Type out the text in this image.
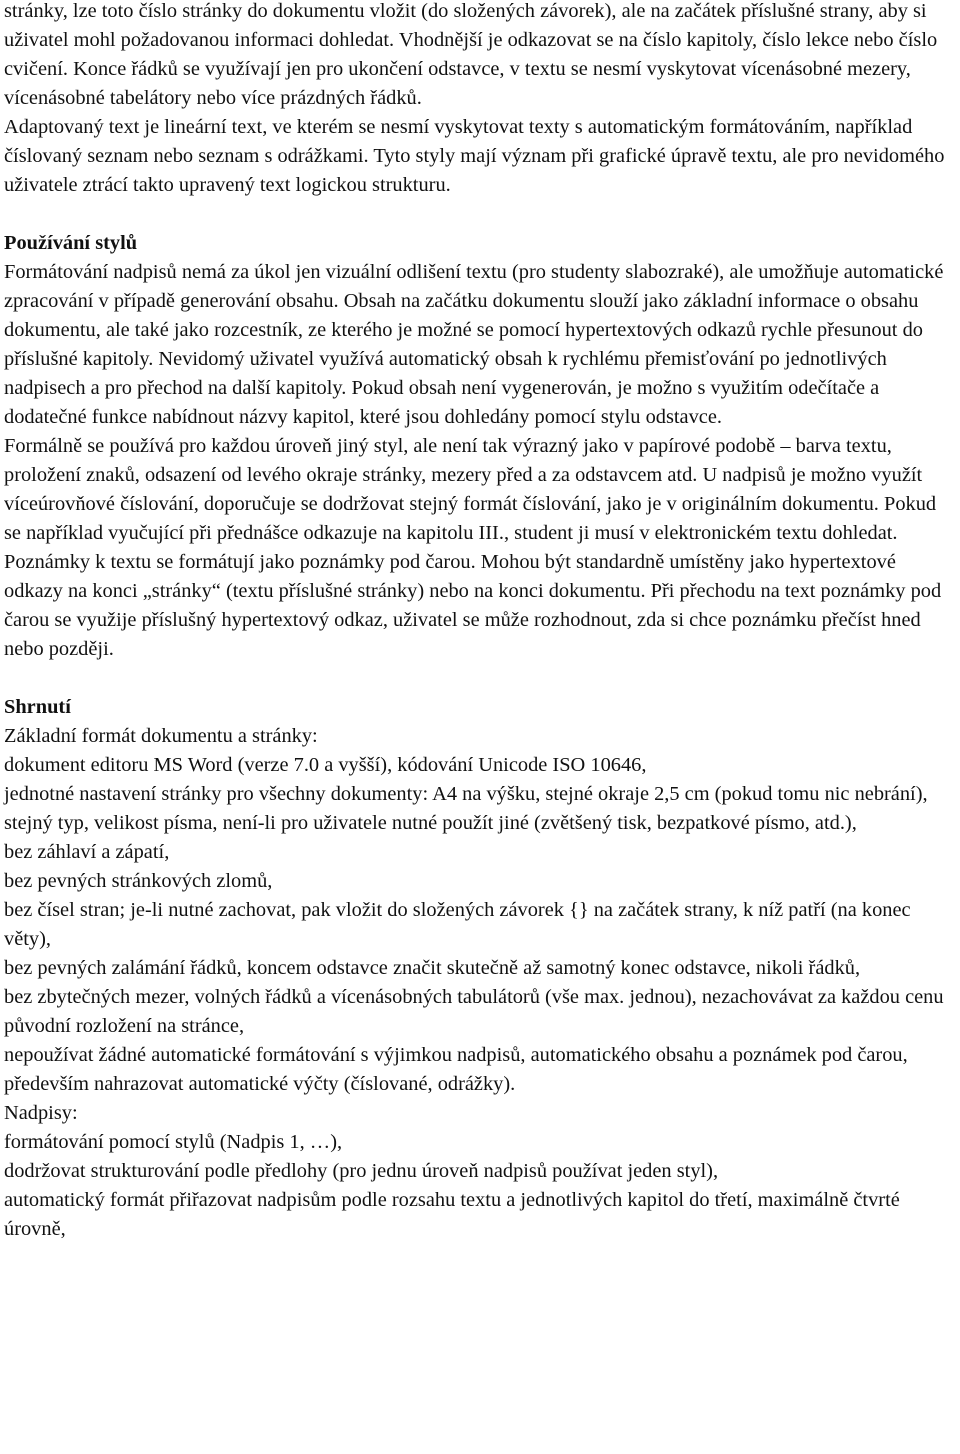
stránky, lze toto číslo stránky do dokumentu vložit (do složených závorek), ale na začátek příslušné strany, aby si uživatel mohl požadovanou informaci dohledat. Vhodnější je odkazovat se na číslo kapitoly, číslo lekce nebo číslo cvičení. Konce řádků se využívají jen pro ukončení odstavce, v textu se nesmí vyskytovat vícenásobné mezery, vícenásobné tabelátory nebo více prázdných řádků.

Adaptovaný text je lineární text, ve kterém se nesmí vyskytovat texty s automatickým formátováním, například číslovaný seznam nebo seznam s odrážkami. Tyto styly mají význam při grafické úpravě textu, ale pro nevidomého uživatele ztrácí takto upravený text logickou strukturu.

Používání stylů

Formátování nadpisů nemá za úkol jen vizuální odlišení textu (pro studenty slabozraké), ale umožňuje automatické zpracování v případě generování obsahu. Obsah na začátku dokumentu slouží jako základní informace o obsahu dokumentu, ale také jako rozcestník, ze kterého je možné se pomocí hypertextových odkazů rychle přesunout do příslušné kapitoly. Nevidomý uživatel využívá automatický obsah k rychlému přemisťování po jednotlivých nadpisech a pro přechod na další kapitoly. Pokud obsah není vygenerován, je možno s využitím odečítače a dodatečné funkce nabídnout názvy kapitol, které jsou dohledány pomocí stylu odstavce.

Formálně se používá pro každou úroveň jiný styl, ale není tak výrazný jako v papírové podobě – barva textu, proložení znaků, odsazení od levého okraje stránky, mezery před a za odstavcem atd. U nadpisů je možno využít víceúrovňové číslování, doporučuje se dodržovat stejný formát číslování, jako je v originálním dokumentu. Pokud se například vyučující při přednášce odkazuje na kapitolu III., student ji musí v elektronickém textu dohledat.

Poznámky k textu se formátují jako poznámky pod čarou. Mohou být standardně umístěny jako hypertextové odkazy na konci „stránky“ (textu příslušné stránky) nebo na konci dokumentu. Při přechodu na text poznámky pod čarou se využije příslušný hypertextový odkaz, uživatel se může rozhodnout, zda si chce poznámku přečíst hned nebo později.

Shrnutí

Základní formát dokumentu a stránky:

dokument editoru MS Word (verze 7.0 a vyšší), kódování Unicode ISO 10646,

jednotné nastavení stránky pro všechny dokumenty: A4 na výšku, stejné okraje 2,5 cm (pokud tomu nic nebrání), stejný typ, velikost písma, není-li pro uživatele nutné použít jiné (zvětšený tisk, bezpatkové písmo, atd.),

bez záhlaví a zápatí,

bez pevných stránkových zlomů,

bez čísel stran; je-li nutné zachovat, pak vložit do složených závorek {} na začátek strany, k níž patří (na konec věty),

bez pevných zalámání řádků, koncem odstavce značit skutečně až samotný konec odstavce, nikoli řádků,

bez zbytečných mezer, volných řádků a vícenásobných tabulátorů (vše max. jednou), nezachovávat za každou cenu původní rozložení na stránce,

nepoužívat žádné automatické formátování s výjimkou nadpisů, automatického obsahu a poznámek pod čarou, především nahrazovat automatické výčty (číslované, odrážky).

Nadpisy:

formátování pomocí stylů (Nadpis 1, …),

dodržovat strukturování podle předlohy (pro jednu úroveň nadpisů používat jeden styl),

automatický formát přiřazovat nadpisům podle rozsahu textu a jednotlivých kapitol do třetí, maximálně čtvrté úrovně,
